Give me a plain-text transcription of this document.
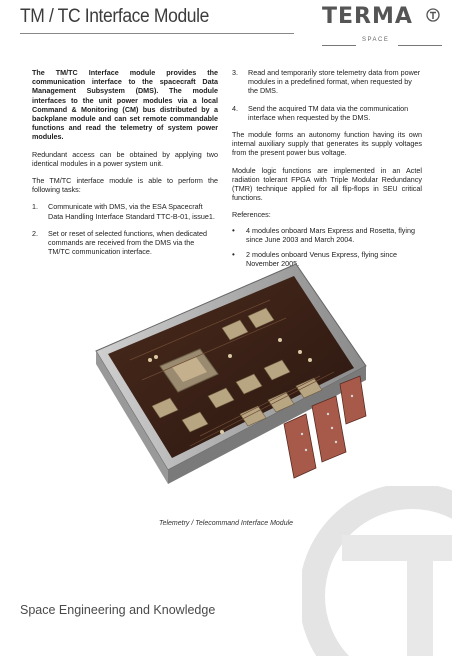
TM / TC Interface Module	TERMA
SPACE

The TM/TC Interface module provides the communication interface to the spacecraft Data Management Subsystem (DMS). The module interfaces to the unit power modules via a local Command & Monitoring (CM) bus distributed by a backplane module and can set remote commandable functions and read the telemetry of system power modules.

Redundant access can be obtained by applying two identical modules in a power system unit.

The TM/TC interface module is able to perform the following tasks:

1.	Communicate with DMS, via the ESA Spacecraft Data Handling Interface Standard TTC-B-01, issue1.
2.	Set or reset of selected functions, when dedicated commands are received from the DMS via the TM/TC communication interface.
3.	Read and temporarily store telemetry data from power modules in a predefined format, when requested by the DMS.
4.	Send the acquired TM data via the communication interface when requested by the DMS.

The module forms an autonomy function having its own internal auxiliary supply that generates its supply voltages from the present power bus voltage.

Module logic functions are implemented in an Actel radiation tolerant FPGA with Triple Modular Redundancy (TMR) technique applied for all flip-flops in SEU critical functions.

References:

•	4 modules onboard Mars Express and Rosetta, flying since June 2003 and March 2004.
•	2 modules onboard Venus Express, flying since November 2005.
Telemetry / Telecommand Interface Module
Space Engineering and Knowledge
